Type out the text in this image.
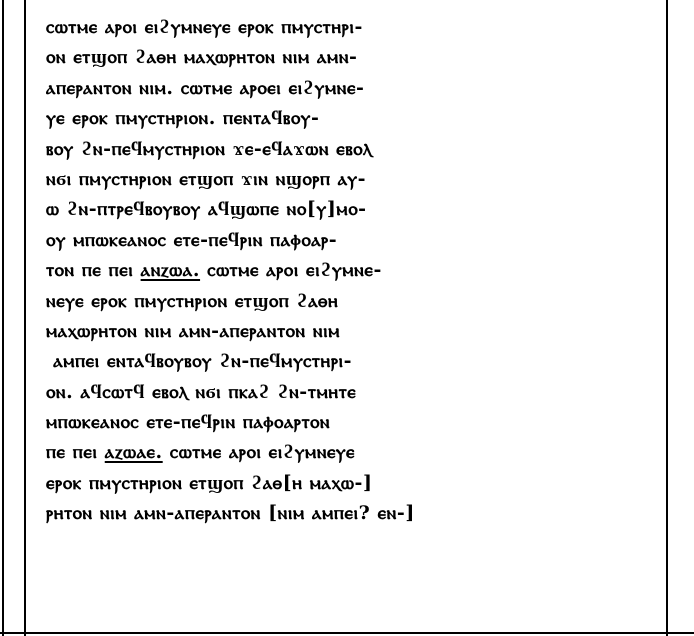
ⲥⲱⲧⲙⲉ ⲁⲣⲟⲓ ⲉⲓϩⲩⲙⲛⲉⲩⲉ ⲉⲣⲟⲕ ⲡⲙⲩⲥⲧⲏⲣⲓ-
ⲟⲛ ⲉⲧϣⲟⲡ ϩⲁⲑⲏ ⲙⲁⲭⲱⲣⲏⲧⲟⲛ ⲛⲓⲙ ⲁⲙⲛ-
ⲁⲡⲉⲣⲁⲛⲧⲟⲛ ⲛⲓⲙ. ⲥⲱⲧⲙⲉ ⲁⲣⲟⲉⲓ ⲉⲓϩⲩⲙⲛⲉ-
ⲩⲉ ⲉⲣⲟⲕ ⲡⲙⲩⲥⲧⲏⲣⲓⲟⲛ. ⲡⲉⲛⲧⲁϥⲃⲟⲩ-
ⲃⲟⲩ ϩⲛ-ⲡⲉϥⲙⲩⲥⲧⲏⲣⲓⲟⲛ ϫⲉ-ⲉϥⲁϫⲱⲛ ⲉⲃⲟⲗ
ⲛϭⲓ ⲡⲙⲩⲥⲧⲏⲣⲓⲟⲛ ⲉⲧϣⲟⲡ ϫⲓⲛ ⲛϣⲟⲣⲡ ⲁⲩ-
ⲱ ϩⲛ-ⲡⲧⲣⲉϥⲃⲟⲩⲃⲟⲩ ⲁϥϣⲱⲡⲉ ⲛⲟ[ⲩ]ⲙⲟ-
ⲟⲩ ⲙⲡⲱⲕⲉⲁⲛⲟⲥ ⲉⲧⲉ-ⲡⲉϥⲣⲓⲛ ⲡⲁⲫⲟⲁⲣ-
ⲧⲟⲛ ⲡⲉ ⲡⲉⲓ ⲁⲛⲍⲱⲁ. ⲥⲱⲧⲙⲉ ⲁⲣⲟⲓ ⲉⲓϩⲩⲙⲛⲉ-
ⲛⲉⲩⲉ ⲉⲣⲟⲕ ⲡⲙⲩⲥⲧⲏⲣⲓⲟⲛ ⲉⲧϣⲟⲡ ϩⲁⲑⲏ
ⲙⲁⲭⲱⲣⲏⲧⲟⲛ ⲛⲓⲙ ⲁⲙⲛ-ⲁⲡⲉⲣⲁⲛⲧⲟⲛ ⲛⲓⲙ
ⲁⲙⲡⲉⲓ ⲉⲛⲧⲁϥⲃⲟⲩⲃⲟⲩ ϩⲛ-ⲡⲉϥⲙⲩⲥⲧⲏⲣⲓ-
ⲟⲛ. ⲁϥⲥⲱⲧϥ ⲉⲃⲟⲗ ⲛϭⲓ ⲡⲕⲁϩ ϩⲛ-ⲧⲙⲏⲧⲉ
ⲙⲡⲱⲕⲉⲁⲛⲟⲥ ⲉⲧⲉ-ⲡⲉϥⲣⲓⲛ ⲡⲁⲫⲟⲁⲣⲧⲟⲛ
ⲡⲉ ⲡⲉⲓ ⲁⲍⲱⲁⲉ. ⲥⲱⲧⲙⲉ ⲁⲣⲟⲓ ⲉⲓϩⲩⲙⲛⲉⲩⲉ
ⲉⲣⲟⲕ ⲡⲙⲩⲥⲧⲏⲣⲓⲟⲛ ⲉⲧϣⲟⲡ ϩⲁⲑ[ⲏ ⲙⲁⲭⲱ-]
ⲣⲏⲧⲟⲛ ⲛⲓⲙ ⲁⲙⲛ-ⲁⲡⲉⲣⲁⲛⲧⲟⲛ [ⲛⲓⲙ ⲁⲙⲡⲉⲓ? ⲉⲛ-]
